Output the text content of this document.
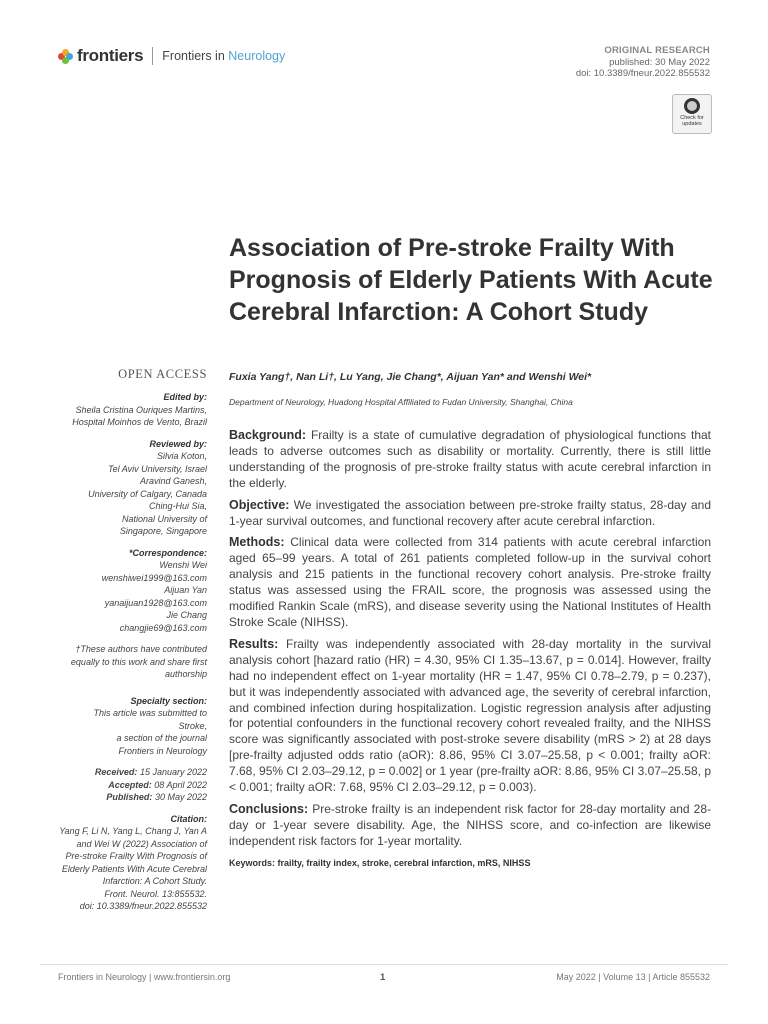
frontiers Frontiers in Neurology	ORIGINAL RESEARCH
published: 30 May 2022
doi: 10.3389/fneur.2022.855532
Check for
updates
Association of Pre-stroke Frailty With Prognosis of Elderly Patients With Acute Cerebral Infarction: A Cohort Study
OPEN ACCESS
Edited by:
Sheila Cristina Ouriques Martins,
Hospital Moinhos de Vento, Brazil
Reviewed by:
Silvia Koton,
Tel Aviv University, Israel
Aravind Ganesh,
University of Calgary, Canada
Ching-Hui Sia,
National University of
Singapore, Singapore
*Correspondence:
Wenshi Wei
wenshiwei1999@163.com
Aijuan Yan
yanaijuan1928@163.com
Jie Chang
changjie69@163.com
†These authors have contributed
equally to this work and share first
authorship
Specialty section:
This article was submitted to
Stroke,
a section of the journal
Frontiers in Neurology
Received: 15 January 2022
Accepted: 08 April 2022
Published: 30 May 2022
Citation:
Yang F, Li N, Yang L, Chang J, Yan A
and Wei W (2022) Association of
Pre-stroke Frailty With Prognosis of
Elderly Patients With Acute Cerebral
Infarction: A Cohort Study.
Front. Neurol. 13:855532.
doi: 10.3389/fneur.2022.855532
Fuxia Yang†, Nan Li†, Lu Yang, Jie Chang*, Aijuan Yan* and Wenshi Wei*
Department of Neurology, Huadong Hospital Affiliated to Fudan University, Shanghai, China

Background: Frailty is a state of cumulative degradation of physiological functions that leads to adverse outcomes such as disability or mortality. Currently, there is still little understanding of the prognosis of pre-stroke frailty status with acute cerebral infarction in the elderly.

Objective: We investigated the association between pre-stroke frailty status, 28-day and 1-year survival outcomes, and functional recovery after acute cerebral infarction.

Methods: Clinical data were collected from 314 patients with acute cerebral infarction aged 65–99 years. A total of 261 patients completed follow-up in the survival cohort analysis and 215 patients in the functional recovery cohort analysis. Pre-stroke frailty status was assessed using the FRAIL score, the prognosis was assessed using the modified Rankin Scale (mRS), and disease severity using the National Institutes of Health Stroke Scale (NIHSS).

Results: Frailty was independently associated with 28-day mortality in the survival analysis cohort [hazard ratio (HR) = 4.30, 95% CI 1.35–13.67, p = 0.014]. However, frailty had no independent effect on 1-year mortality (HR = 1.47, 95% CI 0.78–2.79, p = 0.237), but it was independently associated with advanced age, the severity of cerebral infarction, and combined infection during hospitalization. Logistic regression analysis after adjusting for potential confounders in the functional recovery cohort revealed frailty, and the NIHSS score was significantly associated with post-stroke severe disability (mRS > 2) at 28 days [pre-frailty adjusted odds ratio (aOR): 8.86, 95% CI 3.07–25.58, p < 0.001; frailty aOR: 7.68, 95% CI 2.03–29.12, p = 0.002] or 1 year (pre-frailty aOR: 8.86, 95% CI 3.07–25.58, p < 0.001; frailty aOR: 7.68, 95% CI 2.03–29.12, p = 0.003).

Conclusions: Pre-stroke frailty is an independent risk factor for 28-day mortality and 28-day or 1-year severe disability. Age, the NIHSS score, and co-infection are likewise independent risk factors for 1-year mortality.

Keywords: frailty, frailty index, stroke, cerebral infarction, mRS, NIHSS
Frontiers in Neurology | www.frontiersin.org	1	May 2022 | Volume 13 | Article 855532
